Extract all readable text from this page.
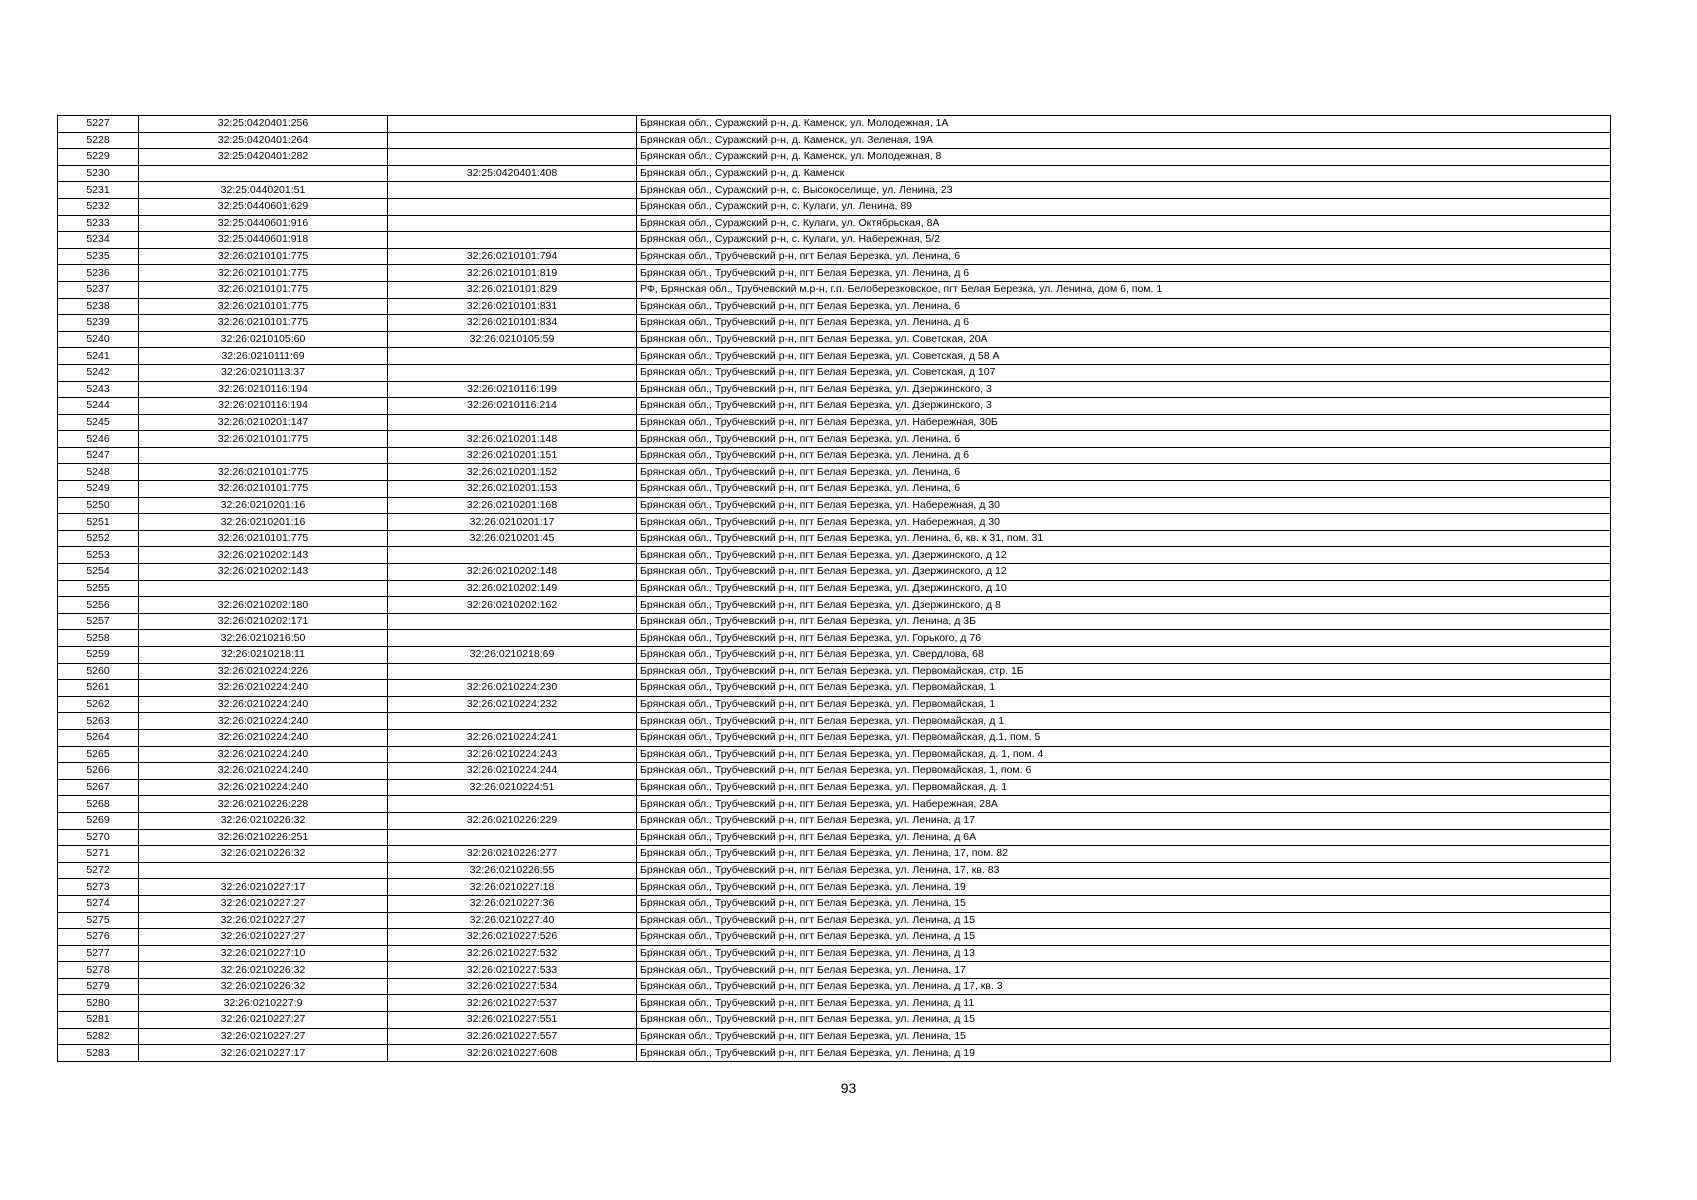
5227	32:25:0420401:256		Брянская обл., Суражский р-н, д. Каменск, ул. Молодежная, 1А
5228	32:25:0420401:264		Брянская обл., Суражский р-н, д. Каменск, ул. Зеленая, 19А
5229	32:25:0420401:282		Брянская обл., Суражский р-н, д. Каменск, ул. Молодежная, 8
5230		32:25:0420401:408	Брянская обл., Суражский р-н, д. Каменск
5231	32:25:0440201:51		Брянская обл., Суражский р-н, с. Высокоселище, ул. Ленина, 23
5232	32:25:0440601:629		Брянская обл., Суражский р-н, с. Кулаги, ул. Ленина, 89
5233	32:25:0440601:916		Брянская обл., Суражский р-н, с. Кулаги, ул. Октябрьская, 8А
5234	32:25:0440601:918		Брянская обл., Суражский р-н, с. Кулаги, ул. Набережная, 5/2
5235	32:26:0210101:775	32:26:0210101:794	Брянская обл., Трубчевский р-н, пгт Белая Березка, ул. Ленина, 6
5236	32:26:0210101:775	32:26:0210101:819	Брянская обл., Трубчевский р-н, пгт Белая Березка, ул. Ленина, д 6
5237	32:26:0210101:775	32:26:0210101:829	РФ, Брянская обл., Трубчевский м.р-н, г.п. Белоберезковское, пгт Белая Березка, ул. Ленина, дом 6, пом. 1
5238	32:26:0210101:775	32:26:0210101:831	Брянская обл., Трубчевский р-н, пгт Белая Березка, ул. Ленина, 6
5239	32:26:0210101:775	32:26:0210101:834	Брянская обл., Трубчевский р-н, пгт Белая Березка, ул. Ленина, д 6
5240	32:26:0210105:60	32:26:0210105:59	Брянская обл., Трубчевский р-н, пгт Белая Березка, ул. Советская, 20А
5241	32:26:0210111:69		Брянская обл., Трубчевский р-н, пгт Белая Березка, ул. Советская, д 58 А
5242	32:26:0210113:37		Брянская обл., Трубчевский р-н, пгт Белая Березка, ул. Советская, д 107
5243	32:26:0210116:194	32:26:0210116:199	Брянская обл., Трубчевский р-н, пгт Белая Березка, ул. Дзержинского, 3
5244	32:26:0210116:194	32:26:0210116:214	Брянская обл., Трубчевский р-н, пгт Белая Березка, ул. Дзержинского, 3
5245	32:26:0210201:147		Брянская обл., Трубчевский р-н, пгт Белая Березка, ул. Набережная, 30Б
5246	32:26:0210101:775	32:26:0210201:148	Брянская обл., Трубчевский р-н, пгт Белая Березка, ул. Ленина, 6
5247		32:26:0210201:151	Брянская обл., Трубчевский р-н, пгт Белая Березка, ул. Ленина, д 6
5248	32:26:0210101:775	32:26:0210201:152	Брянская обл., Трубчевский р-н, пгт Белая Березка, ул. Ленина, 6
5249	32:26:0210101:775	32:26:0210201:153	Брянская обл., Трубчевский р-н, пгт Белая Березка, ул. Ленина, 6
5250	32:26:0210201:16	32:26:0210201:168	Брянская обл., Трубчевский р-н, пгт Белая Березка, ул. Набережная, д 30
5251	32:26:0210201:16	32:26:0210201:17	Брянская обл., Трубчевский р-н, пгт Белая Березка, ул. Набережная, д 30
5252	32:26:0210101:775	32:26:0210201:45	Брянская обл., Трубчевский р-н, пгт Белая Березка, ул. Ленина, 6, кв. к 31, пом. 31
5253	32:26:0210202:143		Брянская обл., Трубчевский р-н, пгт Белая Березка, ул. Дзержинского, д 12
5254	32:26:0210202:143	32:26:0210202:148	Брянская обл., Трубчевский р-н, пгт Белая Березка, ул. Дзержинского, д 12
5255		32:26:0210202:149	Брянская обл., Трубчевский р-н, пгт Белая Березка, ул. Дзержинского, д 10
5256	32:26:0210202:180	32:26:0210202:162	Брянская обл., Трубчевский р-н, пгт Белая Березка, ул. Дзержинского, д 8
5257	32:26:0210202:171		Брянская обл., Трубчевский р-н, пгт Белая Березка, ул. Ленина, д 3Б
5258	32:26:0210216:50		Брянская обл., Трубчевский р-н, пгт Белая Березка, ул. Горького, д 76
5259	32:26:0210218:11	32:26:0210218:69	Брянская обл., Трубчевский р-н, пгт Белая Березка, ул. Свердлова, 68
5260	32:26:0210224:226		Брянская обл., Трубчевский р-н, пгт Белая Березка, ул. Первомайская, стр. 1Б
5261	32:26:0210224:240	32:26:0210224:230	Брянская обл., Трубчевский р-н, пгт Белая Березка, ул. Первомайская, 1
5262	32:26:0210224:240	32:26:0210224:232	Брянская обл., Трубчевский р-н, пгт Белая Березка, ул. Первомайская, 1
5263	32:26:0210224:240		Брянская обл., Трубчевский р-н, пгт Белая Березка, ул. Первомайская, д 1
5264	32:26:0210224:240	32:26:0210224:241	Брянская обл., Трубчевский р-н, пгт Белая Березка, ул. Первомайская, д.1, пом. 5
5265	32:26:0210224:240	32:26:0210224:243	Брянская обл., Трубчевский р-н, пгт Белая Березка, ул. Первомайская, д. 1, пом. 4
5266	32:26:0210224:240	32:26:0210224:244	Брянская обл., Трубчевский р-н, пгт Белая Березка, ул. Первомайская, 1, пом. 6
5267	32:26:0210224:240	32:26:0210224:51	Брянская обл., Трубчевский р-н, пгт Белая Березка, ул. Первомайская, д. 1
5268	32:26:0210226:228		Брянская обл., Трубчевский р-н, пгт Белая Березка, ул. Набережная, 28А
5269	32:26:0210226:32	32:26:0210226:229	Брянская обл., Трубчевский р-н, пгт Белая Березка, ул. Ленина, д 17
5270	32:26:0210226:251		Брянская обл., Трубчевский р-н, пгт Белая Березка, ул. Ленина, д 6А
5271	32:26:0210226:32	32:26:0210226:277	Брянская обл., Трубчевский р-н, пгт Белая Березка, ул. Ленина, 17, пом. 82
5272		32:26:0210226:55	Брянская обл., Трубчевский р-н, пгт Белая Березка, ул. Ленина, 17, кв. 83
5273	32:26:0210227:17	32:26:0210227:18	Брянская обл., Трубчевский р-н, пгт Белая Березка, ул. Ленина, 19
5274	32:26:0210227:27	32:26:0210227:36	Брянская обл., Трубчевский р-н, пгт Белая Березка, ул. Ленина, 15
5275	32:26:0210227:27	32:26:0210227:40	Брянская обл., Трубчевский р-н, пгт Белая Березка, ул. Ленина, д 15
5276	32:26:0210227:27	32:26:0210227:526	Брянская обл., Трубчевский р-н, пгт Белая Березка, ул. Ленина, д 15
5277	32:26:0210227:10	32:26:0210227:532	Брянская обл., Трубчевский р-н, пгт Белая Березка, ул. Ленина, д 13
5278	32:26:0210226:32	32:26:0210227:533	Брянская обл., Трубчевский р-н, пгт Белая Березка, ул. Ленина, 17
5279	32:26:0210226:32	32:26:0210227:534	Брянская обл., Трубчевский р-н, пгт Белая Березка, ул. Ленина, д 17, кв. 3
5280	32:26:0210227:9	32:26:0210227:537	Брянская обл., Трубчевский р-н, пгт Белая Березка, ул. Ленина, д 11
5281	32:26:0210227:27	32:26:0210227:551	Брянская обл., Трубчевский р-н, пгт Белая Березка, ул. Ленина, д 15
5282	32:26:0210227:27	32:26:0210227:557	Брянская обл., Трубчевский р-н, пгт Белая Березка, ул. Ленина, 15
5283	32:26:0210227:17	32:26:0210227:608	Брянская обл., Трубчевский р-н, пгт Белая Березка, ул. Ленина, д 19
93
